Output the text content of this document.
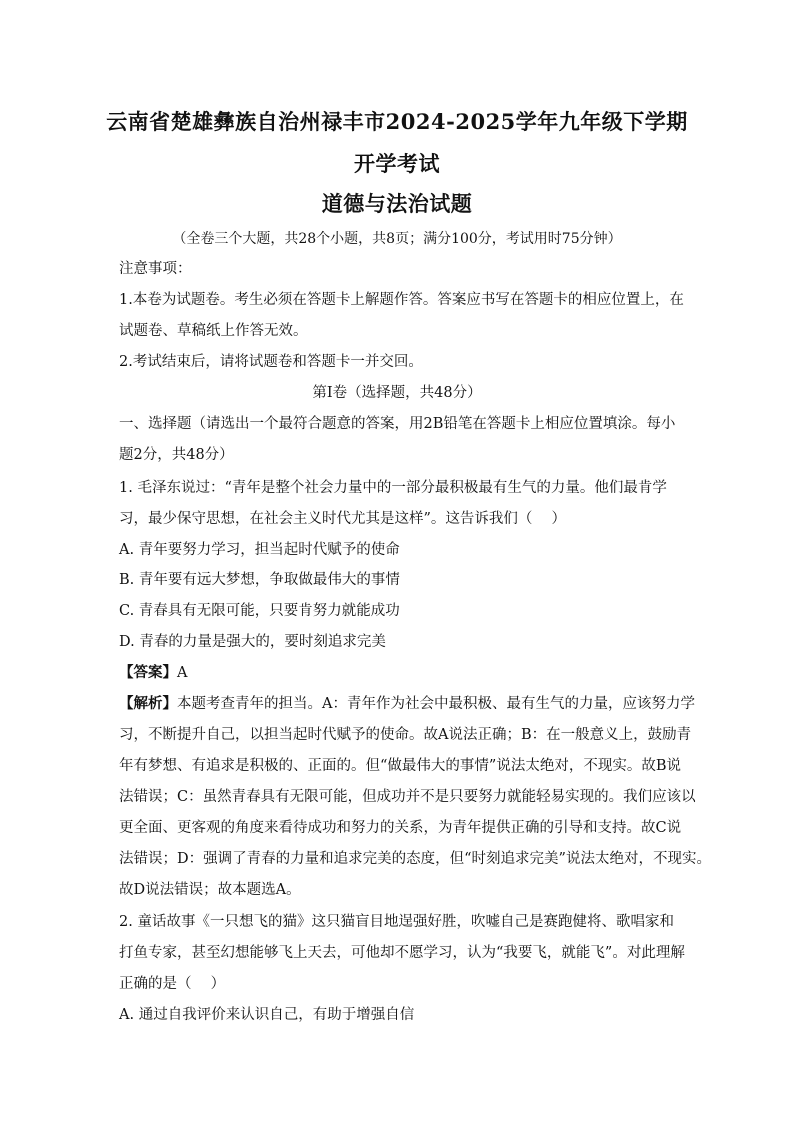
云南省楚雄彝族自治州禄丰市2024-2025学年九年级下学期
开学考试
道德与法治试题
（全卷三个大题，共28个小题，共8页；满分100分，考试用时75分钟）
注意事项：
1.本卷为试题卷。考生必须在答题卡上解题作答。答案应书写在答题卡的相应位置上，在
试题卷、草稿纸上作答无效。
2.考试结束后，请将试题卷和答题卡一并交回。
第Ⅰ卷（选择题，共48分）
一、选择题（请选出一个最符合题意的答案，用2B铅笔在答题卡上相应位置填涂。每小
题2分，共48分）
1. 毛泽东说过：“青年是整个社会力量中的一部分最积极最有生气的力量。他们最肯学
习，最少保守思想，在社会主义时代尤其是这样”。这告诉我们（　 ）
A. 青年要努力学习，担当起时代赋予的使命
B. 青年要有远大梦想，争取做最伟大的事情
C. 青春具有无限可能，只要肯努力就能成功
D. 青春的力量是强大的，要时刻追求完美
【答案】A
【解析】本题考查青年的担当。A：青年作为社会中最积极、最有生气的力量，应该努力学
习，不断提升自己，以担当起时代赋予的使命。故A说法正确；B：在一般意义上，鼓励青
年有梦想、有追求是积极的、正面的。但“做最伟大的事情”说法太绝对，不现实。故B说
法错误；C：虽然青春具有无限可能，但成功并不是只要努力就能轻易实现的。我们应该以
更全面、更客观的角度来看待成功和努力的关系，为青年提供正确的引导和支持。故C说
法错误；D：强调了青春的力量和追求完美的态度，但“时刻追求完美”说法太绝对，不现实。
故D说法错误；故本题选A。
2. 童话故事《一只想飞的猫》这只猫盲目地逞强好胜，吹嘘自己是赛跑健将、歌唱家和
打鱼专家，甚至幻想能够飞上天去，可他却不愿学习，认为“我要飞，就能飞”。对此理解
正确的是（　 ）
A. 通过自我评价来认识自己，有助于增强自信
